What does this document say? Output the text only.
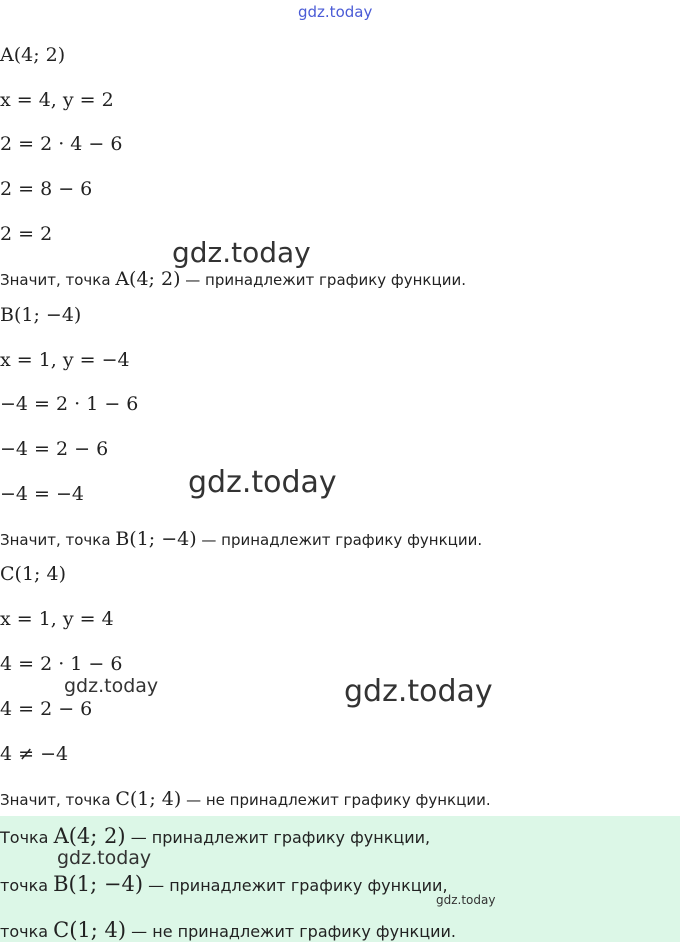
gdz.today
gdz.today
gdz.today
gdz.today
gdz.today
A(4; 2)
x = 4, y = 2
2 = 2 · 4 − 6
2 = 8 − 6
2 = 2
Значит, точка A(4; 2) — принадлежит графику функции.
B(1; −4)
x = 1, y = −4
−4 = 2 · 1 − 6
−4 = 2 − 6
−4 = −4
Значит, точка B(1; −4) — принадлежит графику функции.
C(1; 4)
x = 1, y = 4
4 = 2 · 1 − 6
4 = 2 − 6
4 ≠ −4
Значит, точка C(1; 4) — не принадлежит графику функции.
Точка A(4; 2) — принадлежит графику функции,
точка B(1; −4) — принадлежит графику функции,
точка C(1; 4) — не принадлежит графику функции.
gdz.today
gdz.today
